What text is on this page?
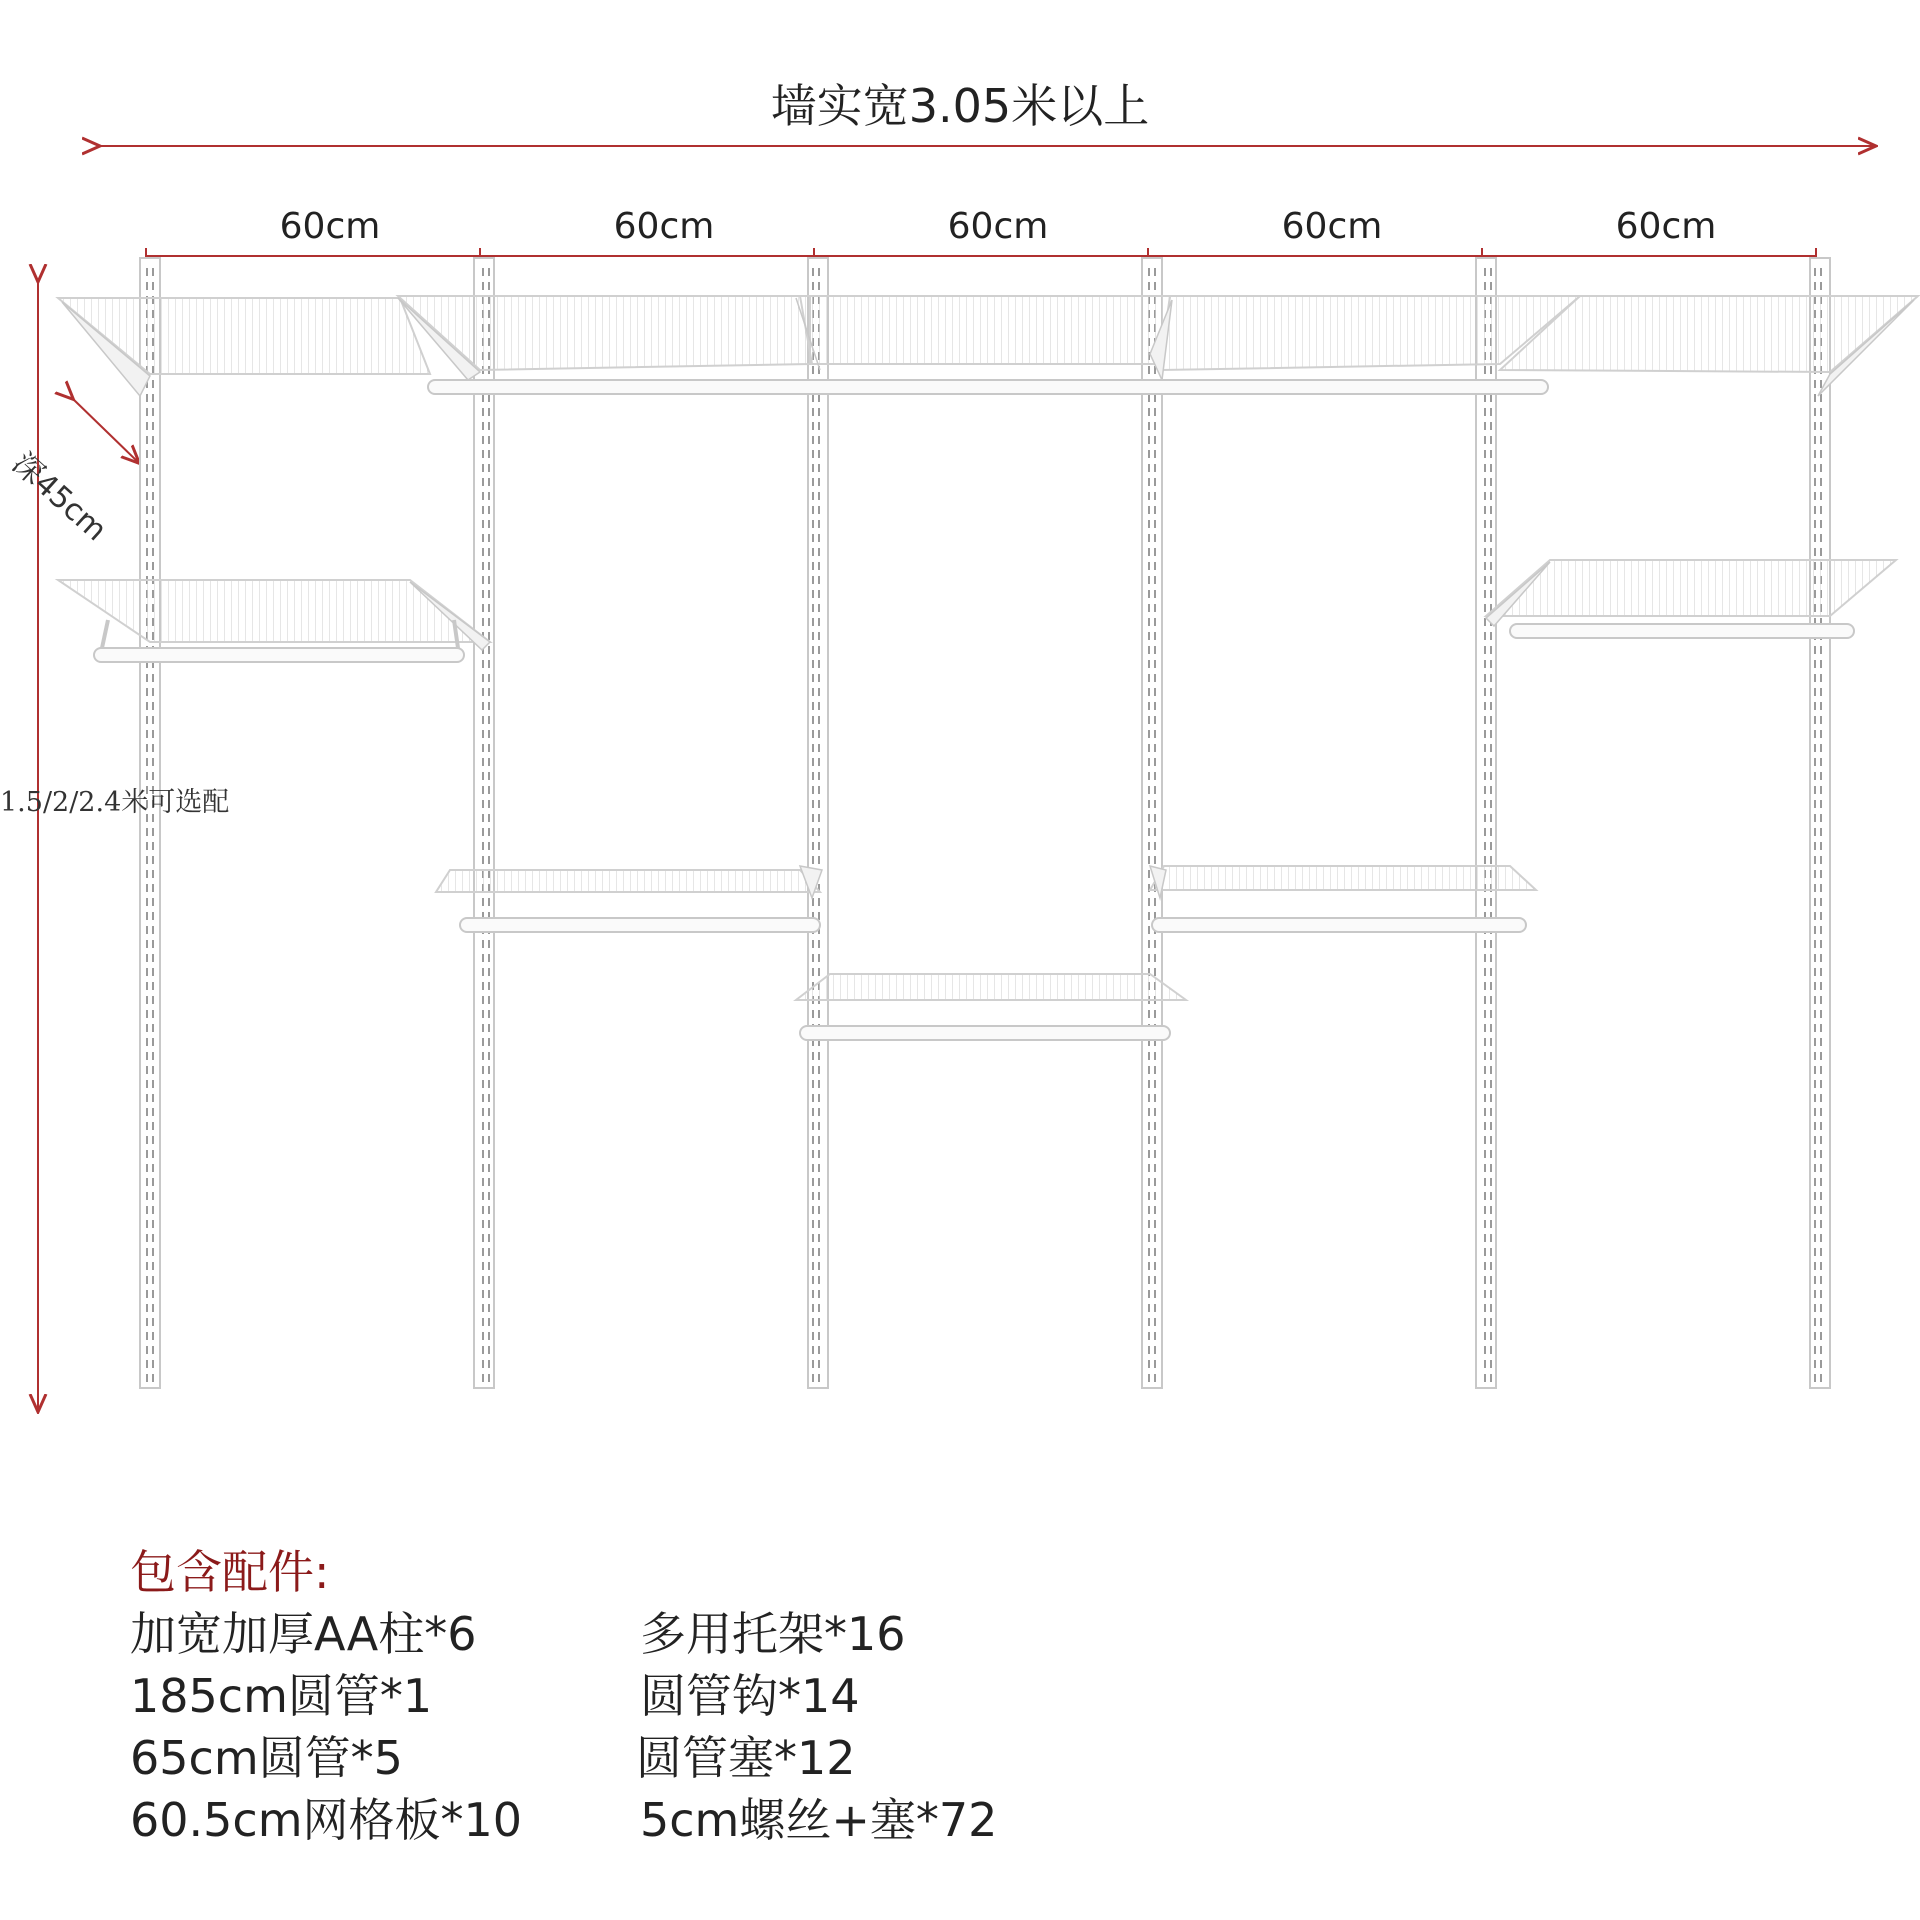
墙实宽3.05米以上
60cm	60cm	60cm	60cm	60cm
深45cm
1.5/2/2.4米可选配
包含配件:
加宽加厚AA柱*6	多用托架*16
185cm圆管*1	圆管钩*14
65cm圆管*5	圆管塞*12
60.5cm网格板*10	5cm螺丝+塞*72
